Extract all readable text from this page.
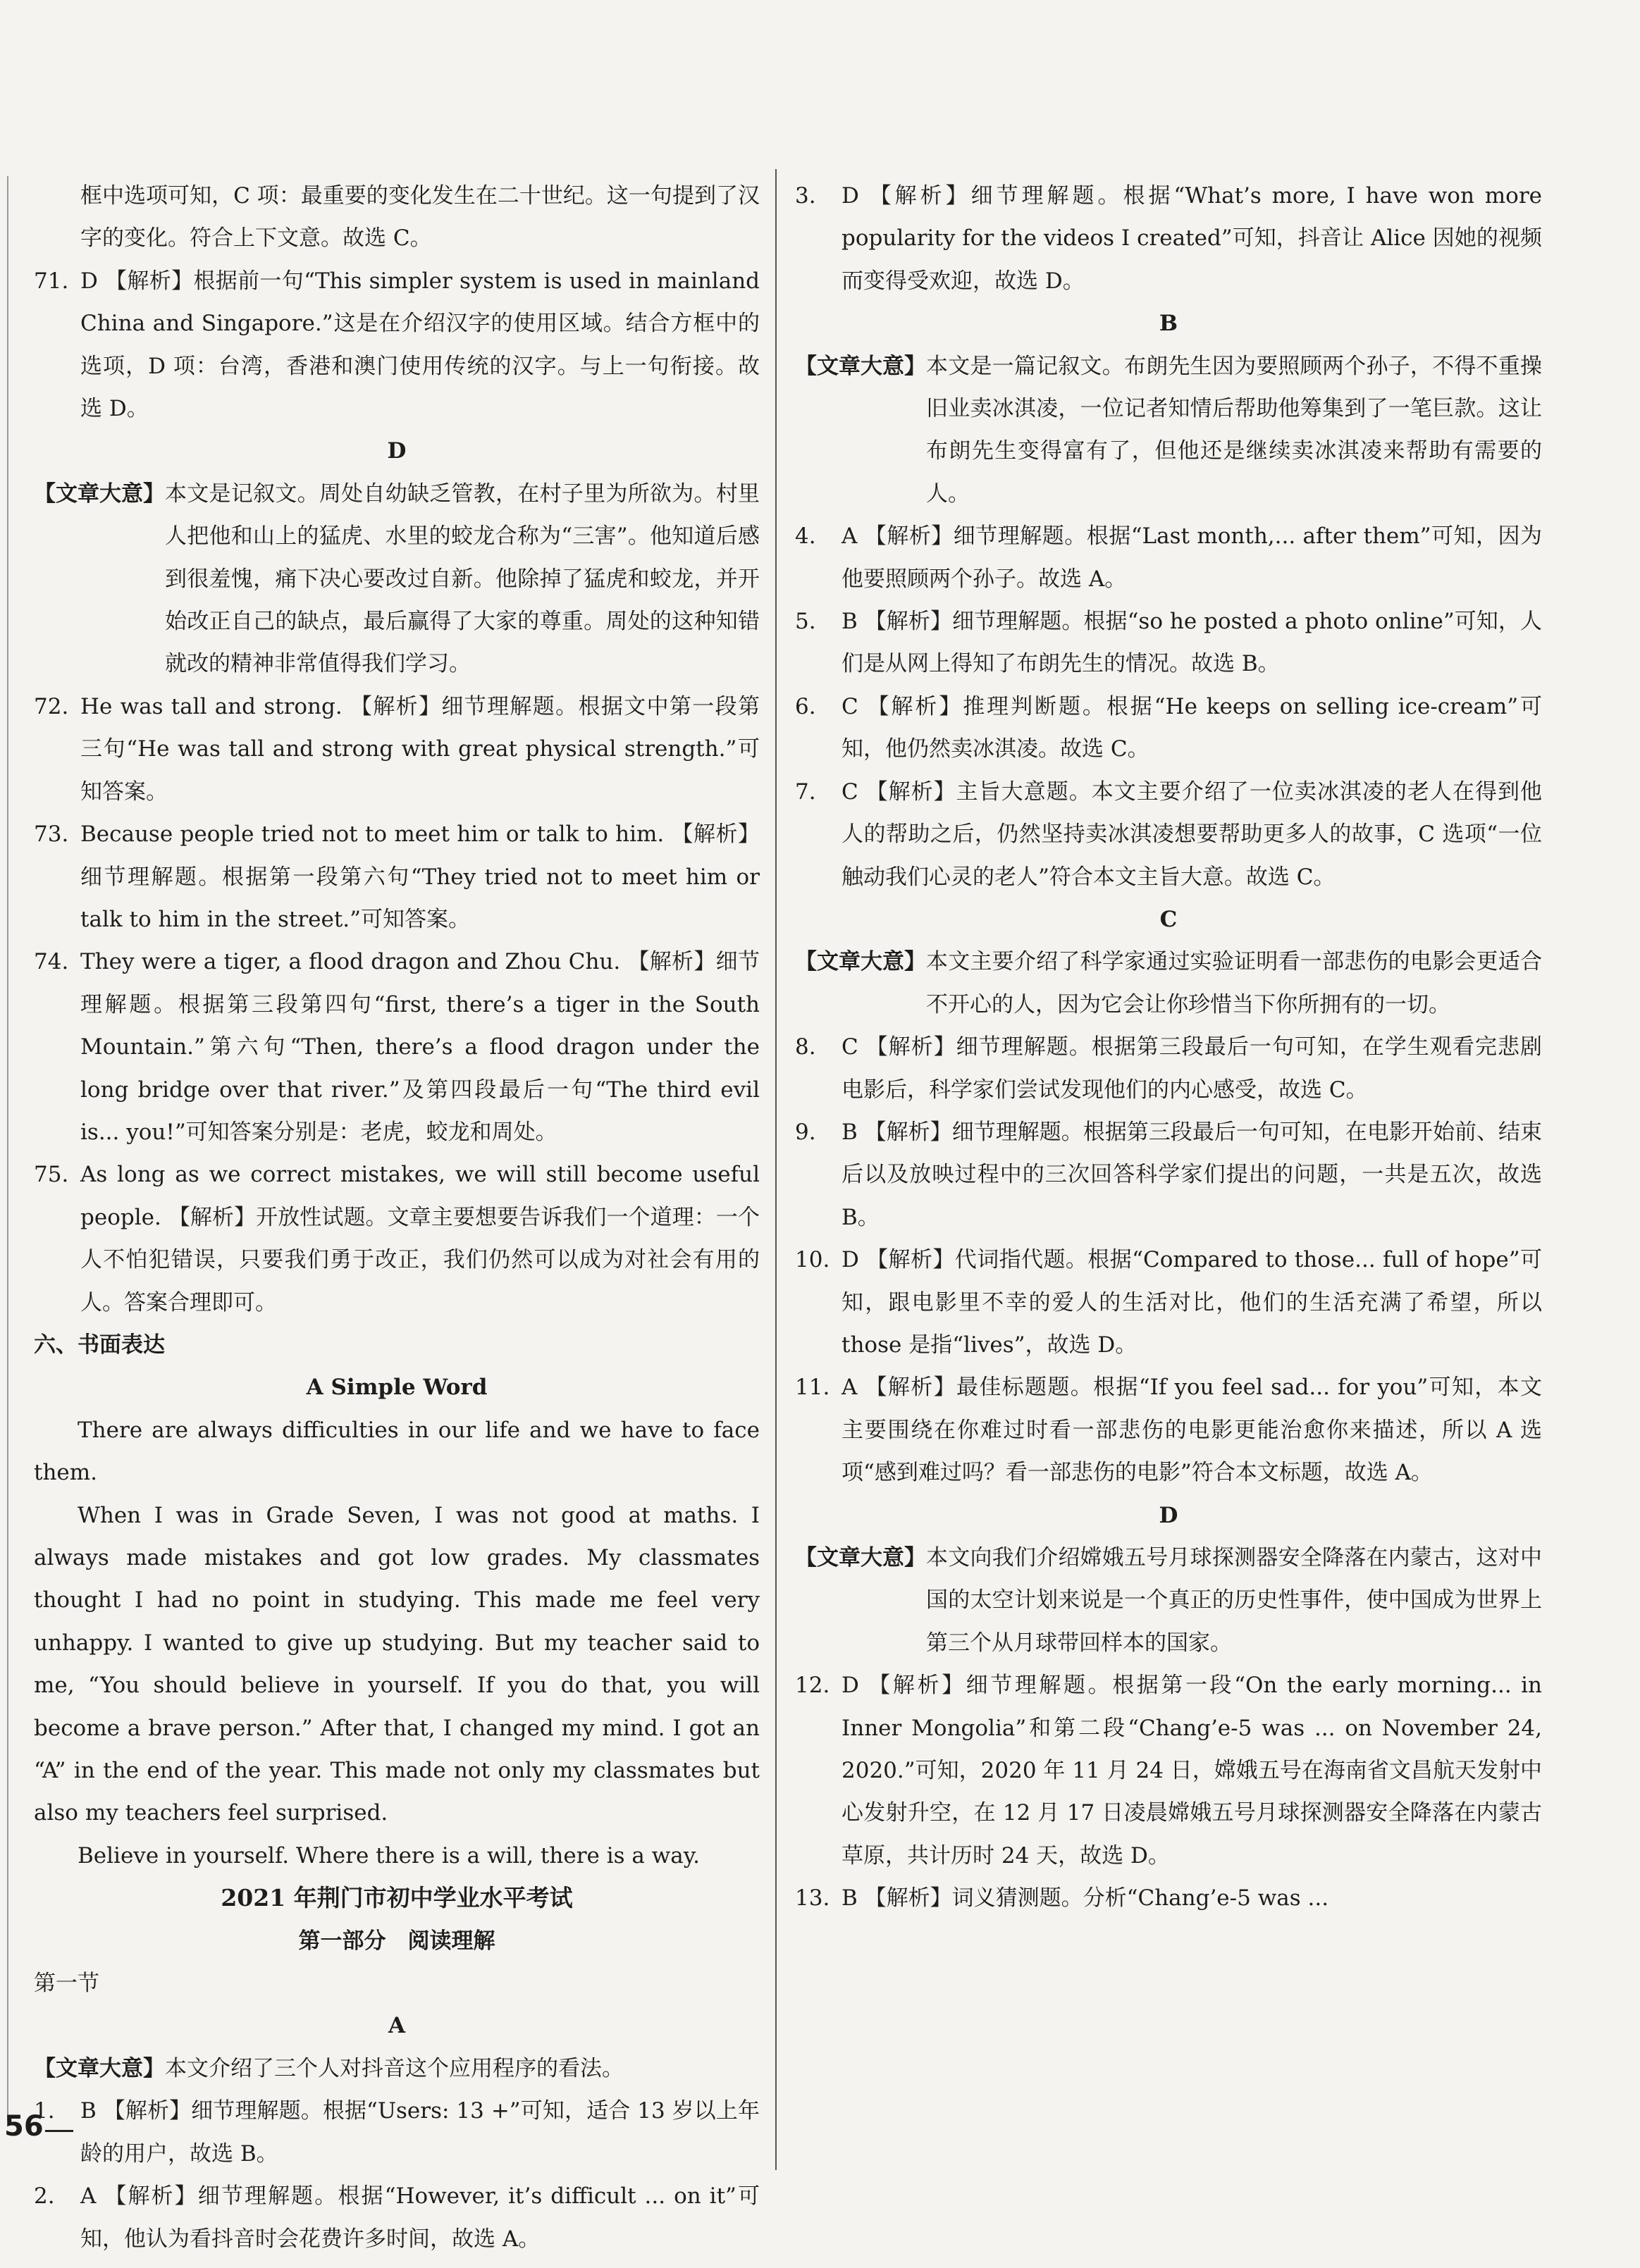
框中选项可知，C 项：最重要的变化发生在二十世纪。这一句提到了汉字的变化。符合上下文意。故选 C。

71. D 【解析】根据前一句“This simpler system is used in mainland China and Singapore.”这是在介绍汉字的使用区域。结合方框中的选项，D 项：台湾，香港和澳门使用传统的汉字。与上一句衔接。故选 D。

D

【文章大意】 本文是记叙文。周处自幼缺乏管教，在村子里为所欲为。村里人把他和山上的猛虎、水里的蛟龙合称为“三害”。他知道后感到很羞愧，痛下决心要改过自新。他除掉了猛虎和蛟龙，并开始改正自己的缺点，最后赢得了大家的尊重。周处的这种知错就改的精神非常值得我们学习。

72. He was tall and strong. 【解析】细节理解题。根据文中第一段第三句“He was tall and strong with great physical strength.”可知答案。

73. Because people tried not to meet him or talk to him. 【解析】细节理解题。根据第一段第六句“They tried not to meet him or talk to him in the street.”可知答案。

74. They were a tiger, a flood dragon and Zhou Chu. 【解析】细节理解题。根据第三段第四句“first, there’s a tiger in the South Mountain.”第六句“Then, there’s a flood dragon under the long bridge over that river.”及第四段最后一句“The third evil is... you!”可知答案分别是：老虎，蛟龙和周处。

75. As long as we correct mistakes, we will still become useful people. 【解析】开放性试题。文章主要想要告诉我们一个道理：一个人不怕犯错误，只要我们勇于改正，我们仍然可以成为对社会有用的人。答案合理即可。

六、书面表达

A Simple Word

There are always difficulties in our life and we have to face them.

When I was in Grade Seven, I was not good at maths. I always made mistakes and got low grades. My classmates thought I had no point in studying. This made me feel very unhappy. I wanted to give up studying. But my teacher said to me, “You should believe in yourself. If you do that, you will become a brave person.” After that, I changed my mind. I got an “A” in the end of the year. This made not only my classmates but also my teachers feel surprised.

Believe in yourself. Where there is a will, there is a way.

2021 年荆门市初中学业水平考试

第一部分　阅读理解

第一节

A

【文章大意】 本文介绍了三个人对抖音这个应用程序的看法。

1.	B 【解析】细节理解题。根据“Users: 13 +”可知，适合 13 岁以上年龄的用户，故选 B。

2.	A 【解析】细节理解题。根据“However, it’s difficult ... on it”可知，他认为看抖音时会花费许多时间，故选 A。

3.	D 【解析】细节理解题。根据“What’s more, I have won more popularity for the videos I created”可知，抖音让 Alice 因她的视频而变得受欢迎，故选 D。

B

【文章大意】 本文是一篇记叙文。布朗先生因为要照顾两个孙子，不得不重操旧业卖冰淇凌，一位记者知情后帮助他筹集到了一笔巨款。这让布朗先生变得富有了，但他还是继续卖冰淇凌来帮助有需要的人。

4.	A 【解析】细节理解题。根据“Last month,... after them”可知，因为他要照顾两个孙子。故选 A。

5.	B 【解析】细节理解题。根据“so he posted a photo online”可知，人们是从网上得知了布朗先生的情况。故选 B。

6.	C 【解析】推理判断题。根据“He keeps on selling ice-cream”可知，他仍然卖冰淇凌。故选 C。

7.	C 【解析】主旨大意题。本文主要介绍了一位卖冰淇凌的老人在得到他人的帮助之后，仍然坚持卖冰淇凌想要帮助更多人的故事，C 选项“一位触动我们心灵的老人”符合本文主旨大意。故选 C。

C

【文章大意】 本文主要介绍了科学家通过实验证明看一部悲伤的电影会更适合不开心的人，因为它会让你珍惜当下你所拥有的一切。

8.	C 【解析】细节理解题。根据第三段最后一句可知，在学生观看完悲剧电影后，科学家们尝试发现他们的内心感受，故选 C。

9.	B 【解析】细节理解题。根据第三段最后一句可知，在电影开始前、结束后以及放映过程中的三次回答科学家们提出的问题，一共是五次，故选 B。

10. D 【解析】代词指代题。根据“Compared to those... full of hope”可知，跟电影里不幸的爱人的生活对比，他们的生活充满了希望，所以 those 是指“lives”，故选 D。

11. A 【解析】最佳标题题。根据“If you feel sad... for you”可知，本文主要围绕在你难过时看一部悲伤的电影更能治愈你来描述，所以 A 选项“感到难过吗？看一部悲伤的电影”符合本文标题，故选 A。

D

【文章大意】 本文向我们介绍嫦娥五号月球探测器安全降落在内蒙古，这对中国的太空计划来说是一个真正的历史性事件，使中国成为世界上第三个从月球带回样本的国家。

12. D 【解析】细节理解题。根据第一段“On the early morning... in Inner Mongolia”和第二段“Chang’e-5 was ... on November 24, 2020.”可知，2020 年 11 月 24 日，嫦娥五号在海南省文昌航天发射中心发射升空，在 12 月 17 日凌晨嫦娥五号月球探测器安全降落在内蒙古草原，共计历时 24 天，故选 D。

13. B 【解析】词义猜测题。分析“Chang’e-5 was ...

56
